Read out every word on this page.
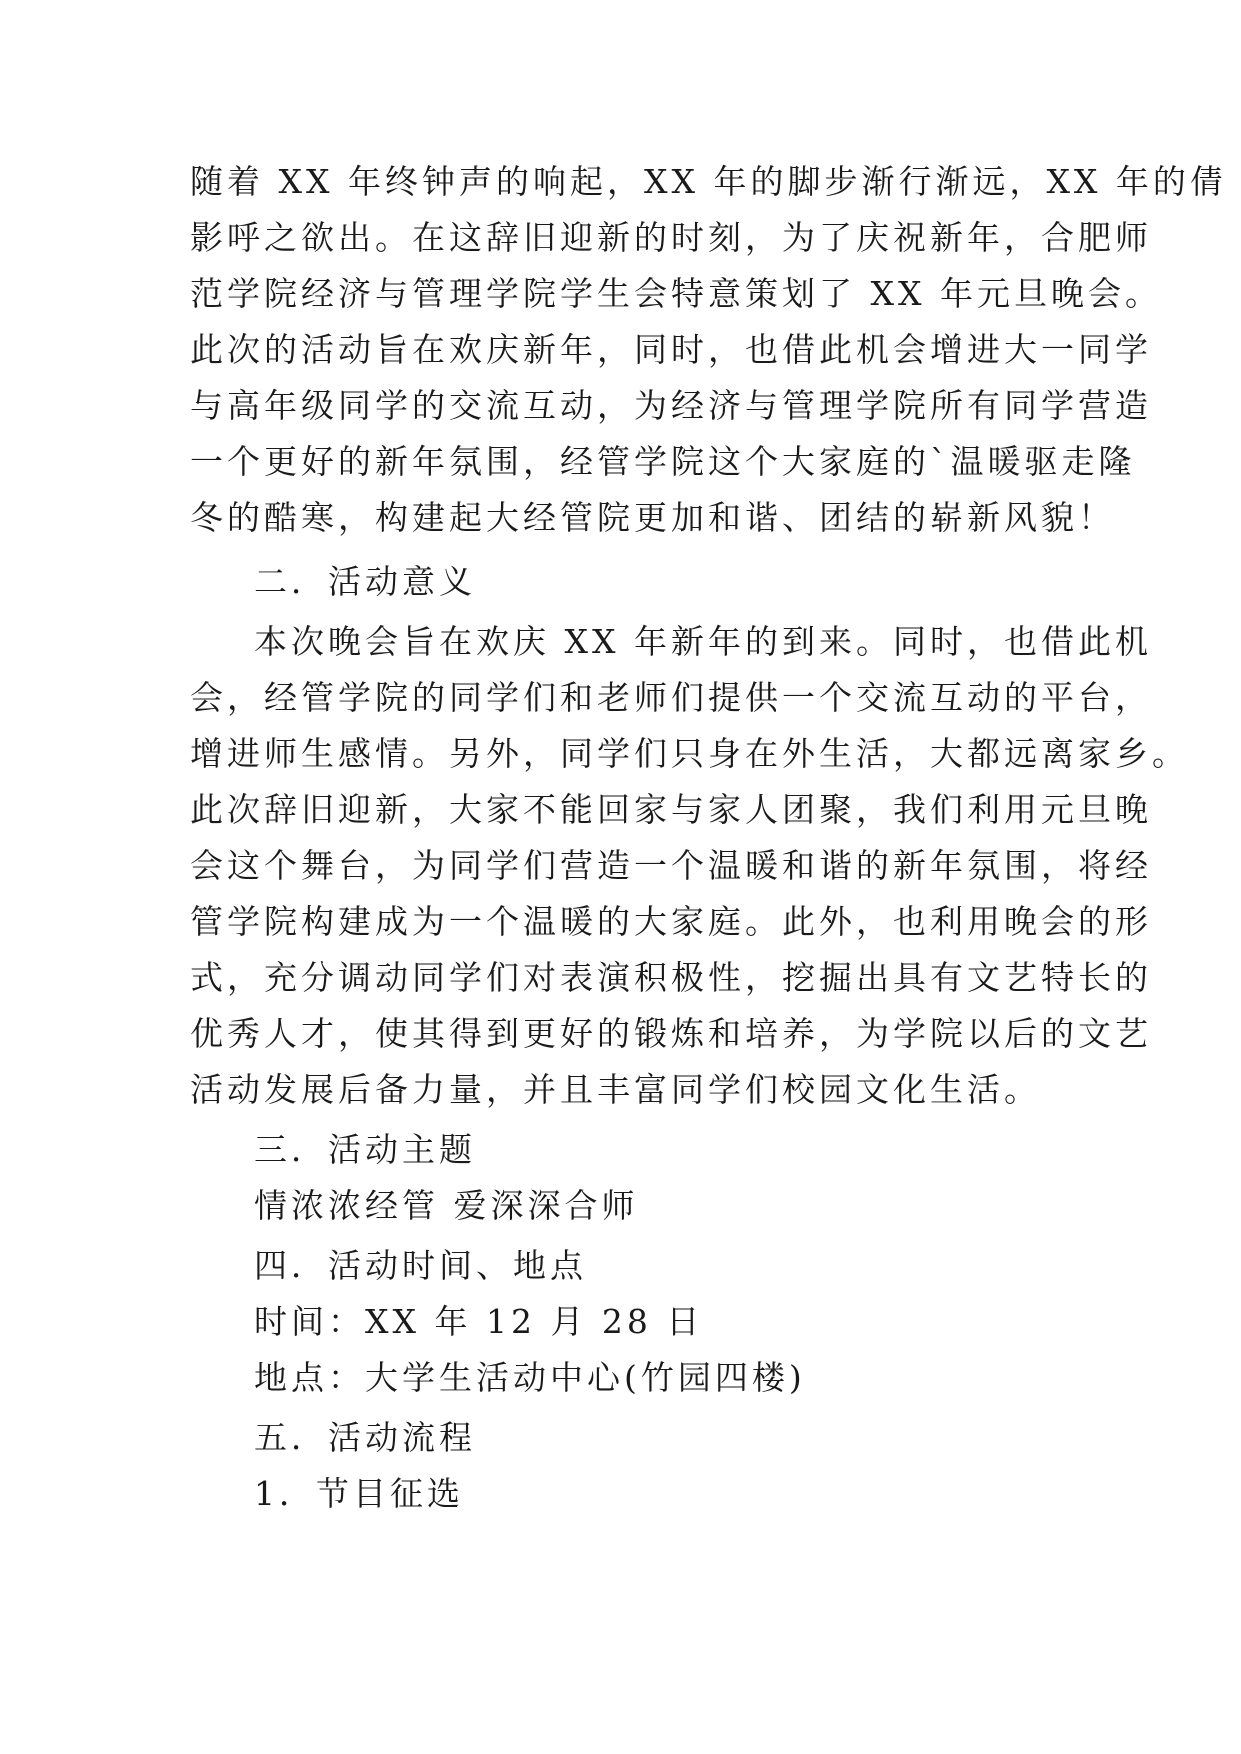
随着 XX 年终钟声的响起，XX 年的脚步渐行渐远，XX 年的倩
影呼之欲出。在这辞旧迎新的时刻，为了庆祝新年，合肥师
范学院经济与管理学院学生会特意策划了 XX 年元旦晚会。
此次的活动旨在欢庆新年，同时，也借此机会增进大一同学
与高年级同学的交流互动，为经济与管理学院所有同学营造
一个更好的新年氛围，经管学院这个大家庭的`温暖驱走隆
冬的酷寒，构建起大经管院更加和谐、团结的崭新风貌！
二．活动意义
本次晚会旨在欢庆 XX 年新年的到来。同时，也借此机
会，经管学院的同学们和老师们提供一个交流互动的平台，
增进师生感情。另外，同学们只身在外生活，大都远离家乡。
此次辞旧迎新，大家不能回家与家人团聚，我们利用元旦晚
会这个舞台，为同学们营造一个温暖和谐的新年氛围，将经
管学院构建成为一个温暖的大家庭。此外，也利用晚会的形
式，充分调动同学们对表演积极性，挖掘出具有文艺特长的
优秀人才，使其得到更好的锻炼和培养，为学院以后的文艺
活动发展后备力量，并且丰富同学们校园文化生活。
三．活动主题
情浓浓经管 爱深深合师
四．活动时间、地点
时间：XX 年 12 月 28 日
地点：大学生活动中心(竹园四楼)
五．活动流程
1．节目征选
